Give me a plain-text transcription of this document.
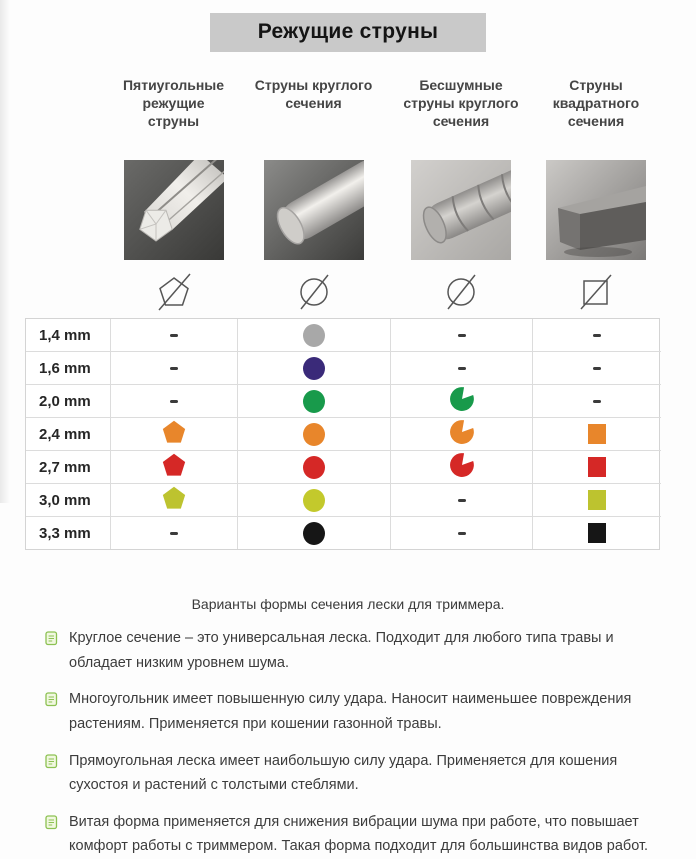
Режущие струны
Пятиугольные режущие струны
Струны круглого сечения
Бесшумные струны круглого сечения
Струны квадратного сечения
1,4 mm
1,6 mm
2,0 mm
2,4 mm
2,7 mm
3,0 mm
3,3 mm
Варианты формы сечения лески для триммера.
Круглое сечение – это универсальная леска. Подходит для любого типа травы и обладает низким уровнем шума.
Многоугольник имеет повышенную силу удара. Наносит наименьшее повреждения растениям. Применяется при кошении газонной травы.
Прямоугольная леска имеет наибольшую силу удара. Применяется для кошения сухостоя и растений с толстыми стеблями.
Витая форма применяется для снижения вибрации шума при работе, что повышает комфорт работы с триммером. Такая форма подходит для большинства видов работ.
